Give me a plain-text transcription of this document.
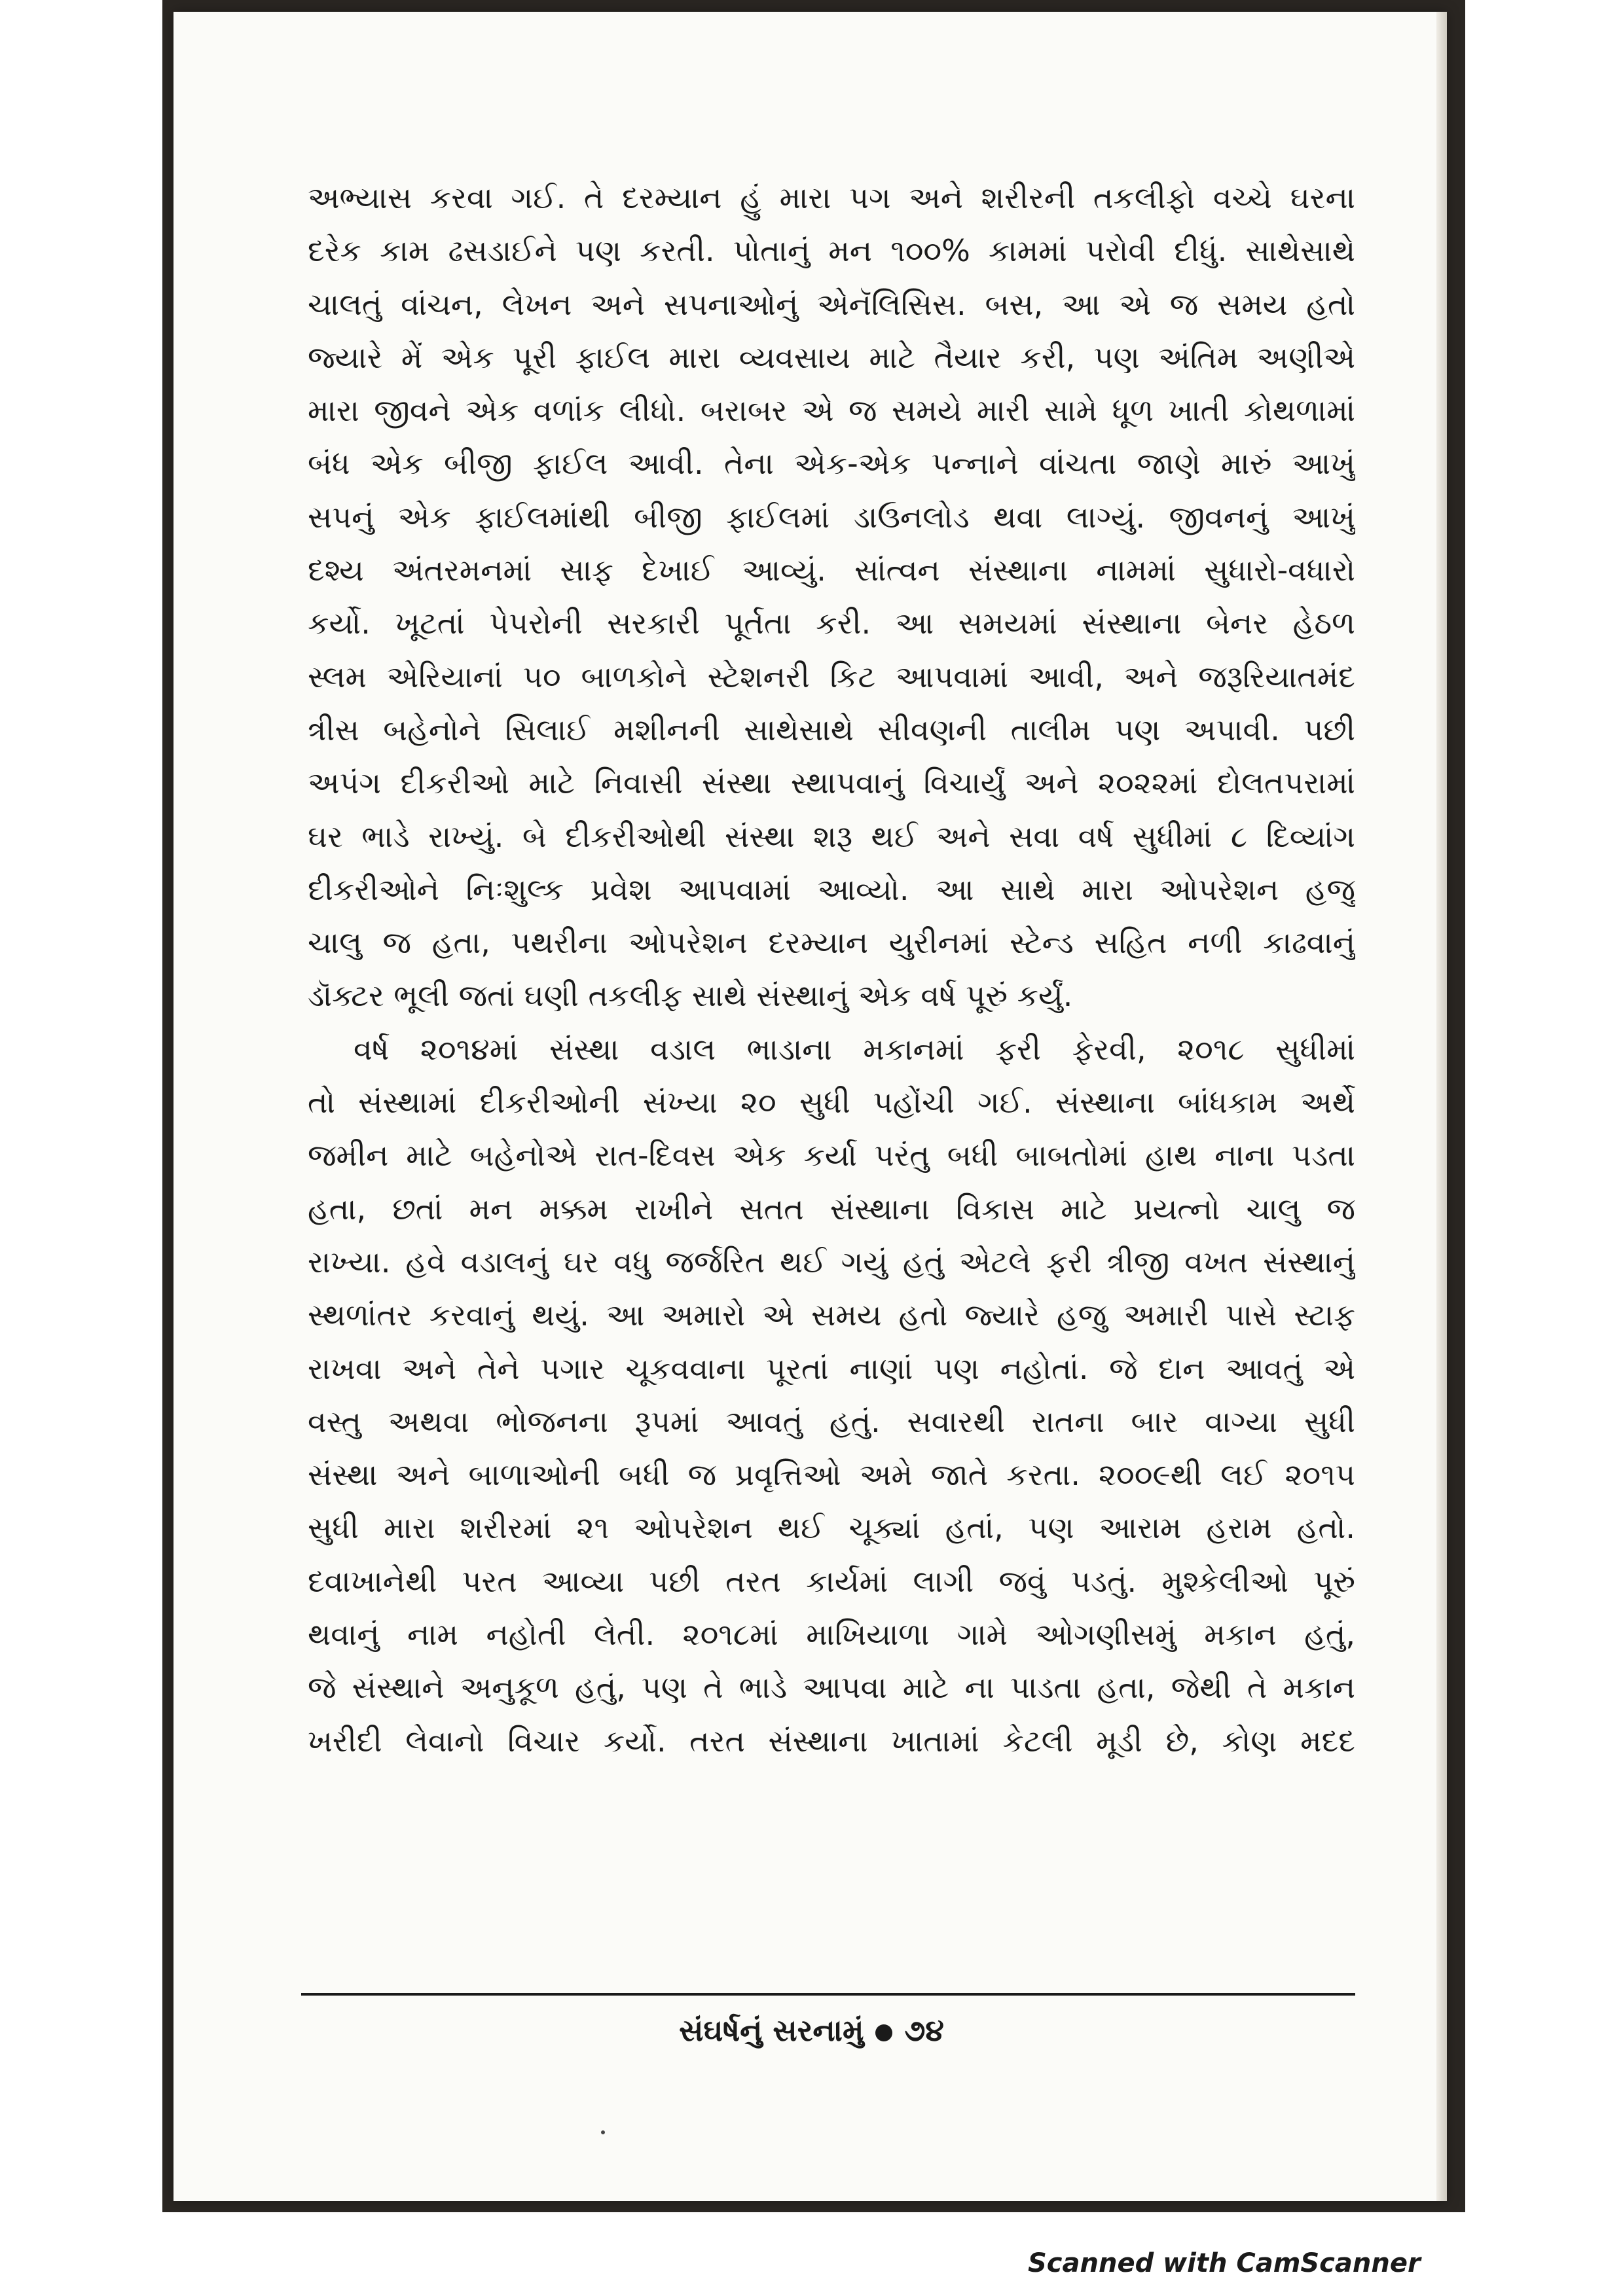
અભ્યાસ કરવા ગઈ. તે દરમ્યાન હું મારા પગ અને શરીરની તકલીફો વચ્ચે ઘરના
દરેક કામ ઢસડાઈને પણ કરતી. પોતાનું મન ૧૦૦% કામમાં પરોવી દીધું. સાથેસાથે
ચાલતું વાંચન, લેખન અને સપનાઓનું એનૅલિસિસ. બસ, આ એ જ સમય હતો
જ્યારે મેં એક પૂરી ફાઈલ મારા વ્યવસાય માટે તૈયાર કરી, પણ અંતિમ અણીએ
મારા જીવને એક વળાંક લીધો. બરાબર એ જ સમયે મારી સામે ધૂળ ખાતી કોથળામાં
બંધ એક બીજી ફાઈલ આવી. તેના એક-એક પન્નાને વાંચતા જાણે મારું આખું
સપનું એક ફાઈલમાંથી બીજી ફાઈલમાં ડાઉનલોડ થવા લાગ્યું. જીવનનું આખું
દશ્ય અંતરમનમાં સાફ દેખાઈ આવ્યું. સાંત્વન સંસ્થાના નામમાં સુધારો-વધારો
કર્યો. ખૂટતાં પેપરોની સરકારી પૂર્તતા કરી. આ સમયમાં સંસ્થાના બેનર હેઠળ
સ્લમ એરિયાનાં ૫૦ બાળકોને સ્ટેશનરી કિટ આપવામાં આવી, અને જરૂરિયાતમંદ
ત્રીસ બહેનોને સિલાઈ મશીનની સાથેસાથે સીવણની તાલીમ પણ અપાવી. પછી
અપંગ દીકરીઓ માટે નિવાસી સંસ્થા સ્થાપવાનું વિચાર્યું અને ૨૦૨૨માં દોલતપરામાં
ઘર ભાડે રાખ્યું. બે દીકરીઓથી સંસ્થા શરૂ થઈ અને સવા વર્ષ સુધીમાં ૮ દિવ્યાંગ
દીકરીઓને નિઃશુલ્ક પ્રવેશ આપવામાં આવ્યો. આ સાથે મારા ઓપરેશન હજુ
ચાલુ જ હતા, પથરીના ઓપરેશન દરમ્યાન યુરીનમાં સ્ટેન્ડ સહિત નળી કાઢવાનું
ડૉક્ટર ભૂલી જતાં ઘણી તકલીફ સાથે સંસ્થાનું એક વર્ષ પૂરું કર્યું.
વર્ષ ૨૦૧૪માં સંસ્થા વડાલ ભાડાના મકાનમાં ફરી ફેરવી, ૨૦૧૮ સુધીમાં
તો સંસ્થામાં દીકરીઓની સંખ્યા ૨૦ સુધી પહોંચી ગઈ. સંસ્થાના બાંધકામ અર્થે
જમીન માટે બહેનોએ રાત-દિવસ એક કર્યા પરંતુ બધી બાબતોમાં હાથ નાના પડતા
હતા, છતાં મન મક્કમ રાખીને સતત સંસ્થાના વિકાસ માટે પ્રયત્નો ચાલુ જ
રાખ્યા. હવે વડાલનું ઘર વધુ જર્જરિત થઈ ગયું હતું એટલે ફરી ત્રીજી વખત સંસ્થાનું
સ્થળાંતર કરવાનું થયું. આ અમારો એ સમય હતો જ્યારે હજુ અમારી પાસે સ્ટાફ
રાખવા અને તેને પગાર ચૂકવવાના પૂરતાં નાણાં પણ નહોતાં. જે દાન આવતું એ
વસ્તુ અથવા ભોજનના રૂપમાં આવતું હતું. સવારથી રાતના બાર વાગ્યા સુધી
સંસ્થા અને બાળાઓની બધી જ પ્રવૃત્તિઓ અમે જાતે કરતા. ૨૦૦૯થી લઈ ૨૦૧૫
સુધી મારા શરીરમાં ૨૧ ઓપરેશન થઈ ચૂક્યાં હતાં, પણ આરામ હરામ હતો.
દવાખાનેથી પરત આવ્યા પછી તરત કાર્યમાં લાગી જવું પડતું. મુશ્કેલીઓ પૂરું
થવાનું નામ નહોતી લેતી. ૨૦૧૮માં માખિયાળા ગામે ઓગણીસમું મકાન હતું,
જે સંસ્થાને અનુકૂળ હતું, પણ તે ભાડે આપવા માટે ના પાડતા હતા, જેથી તે મકાન
ખરીદી લેવાનો વિચાર કર્યો. તરત સંસ્થાના ખાતામાં કેટલી મૂડી છે, કોણ મદદ
સંઘર્ષનું સરનામું ૭૪
Scanned with CamScanner
